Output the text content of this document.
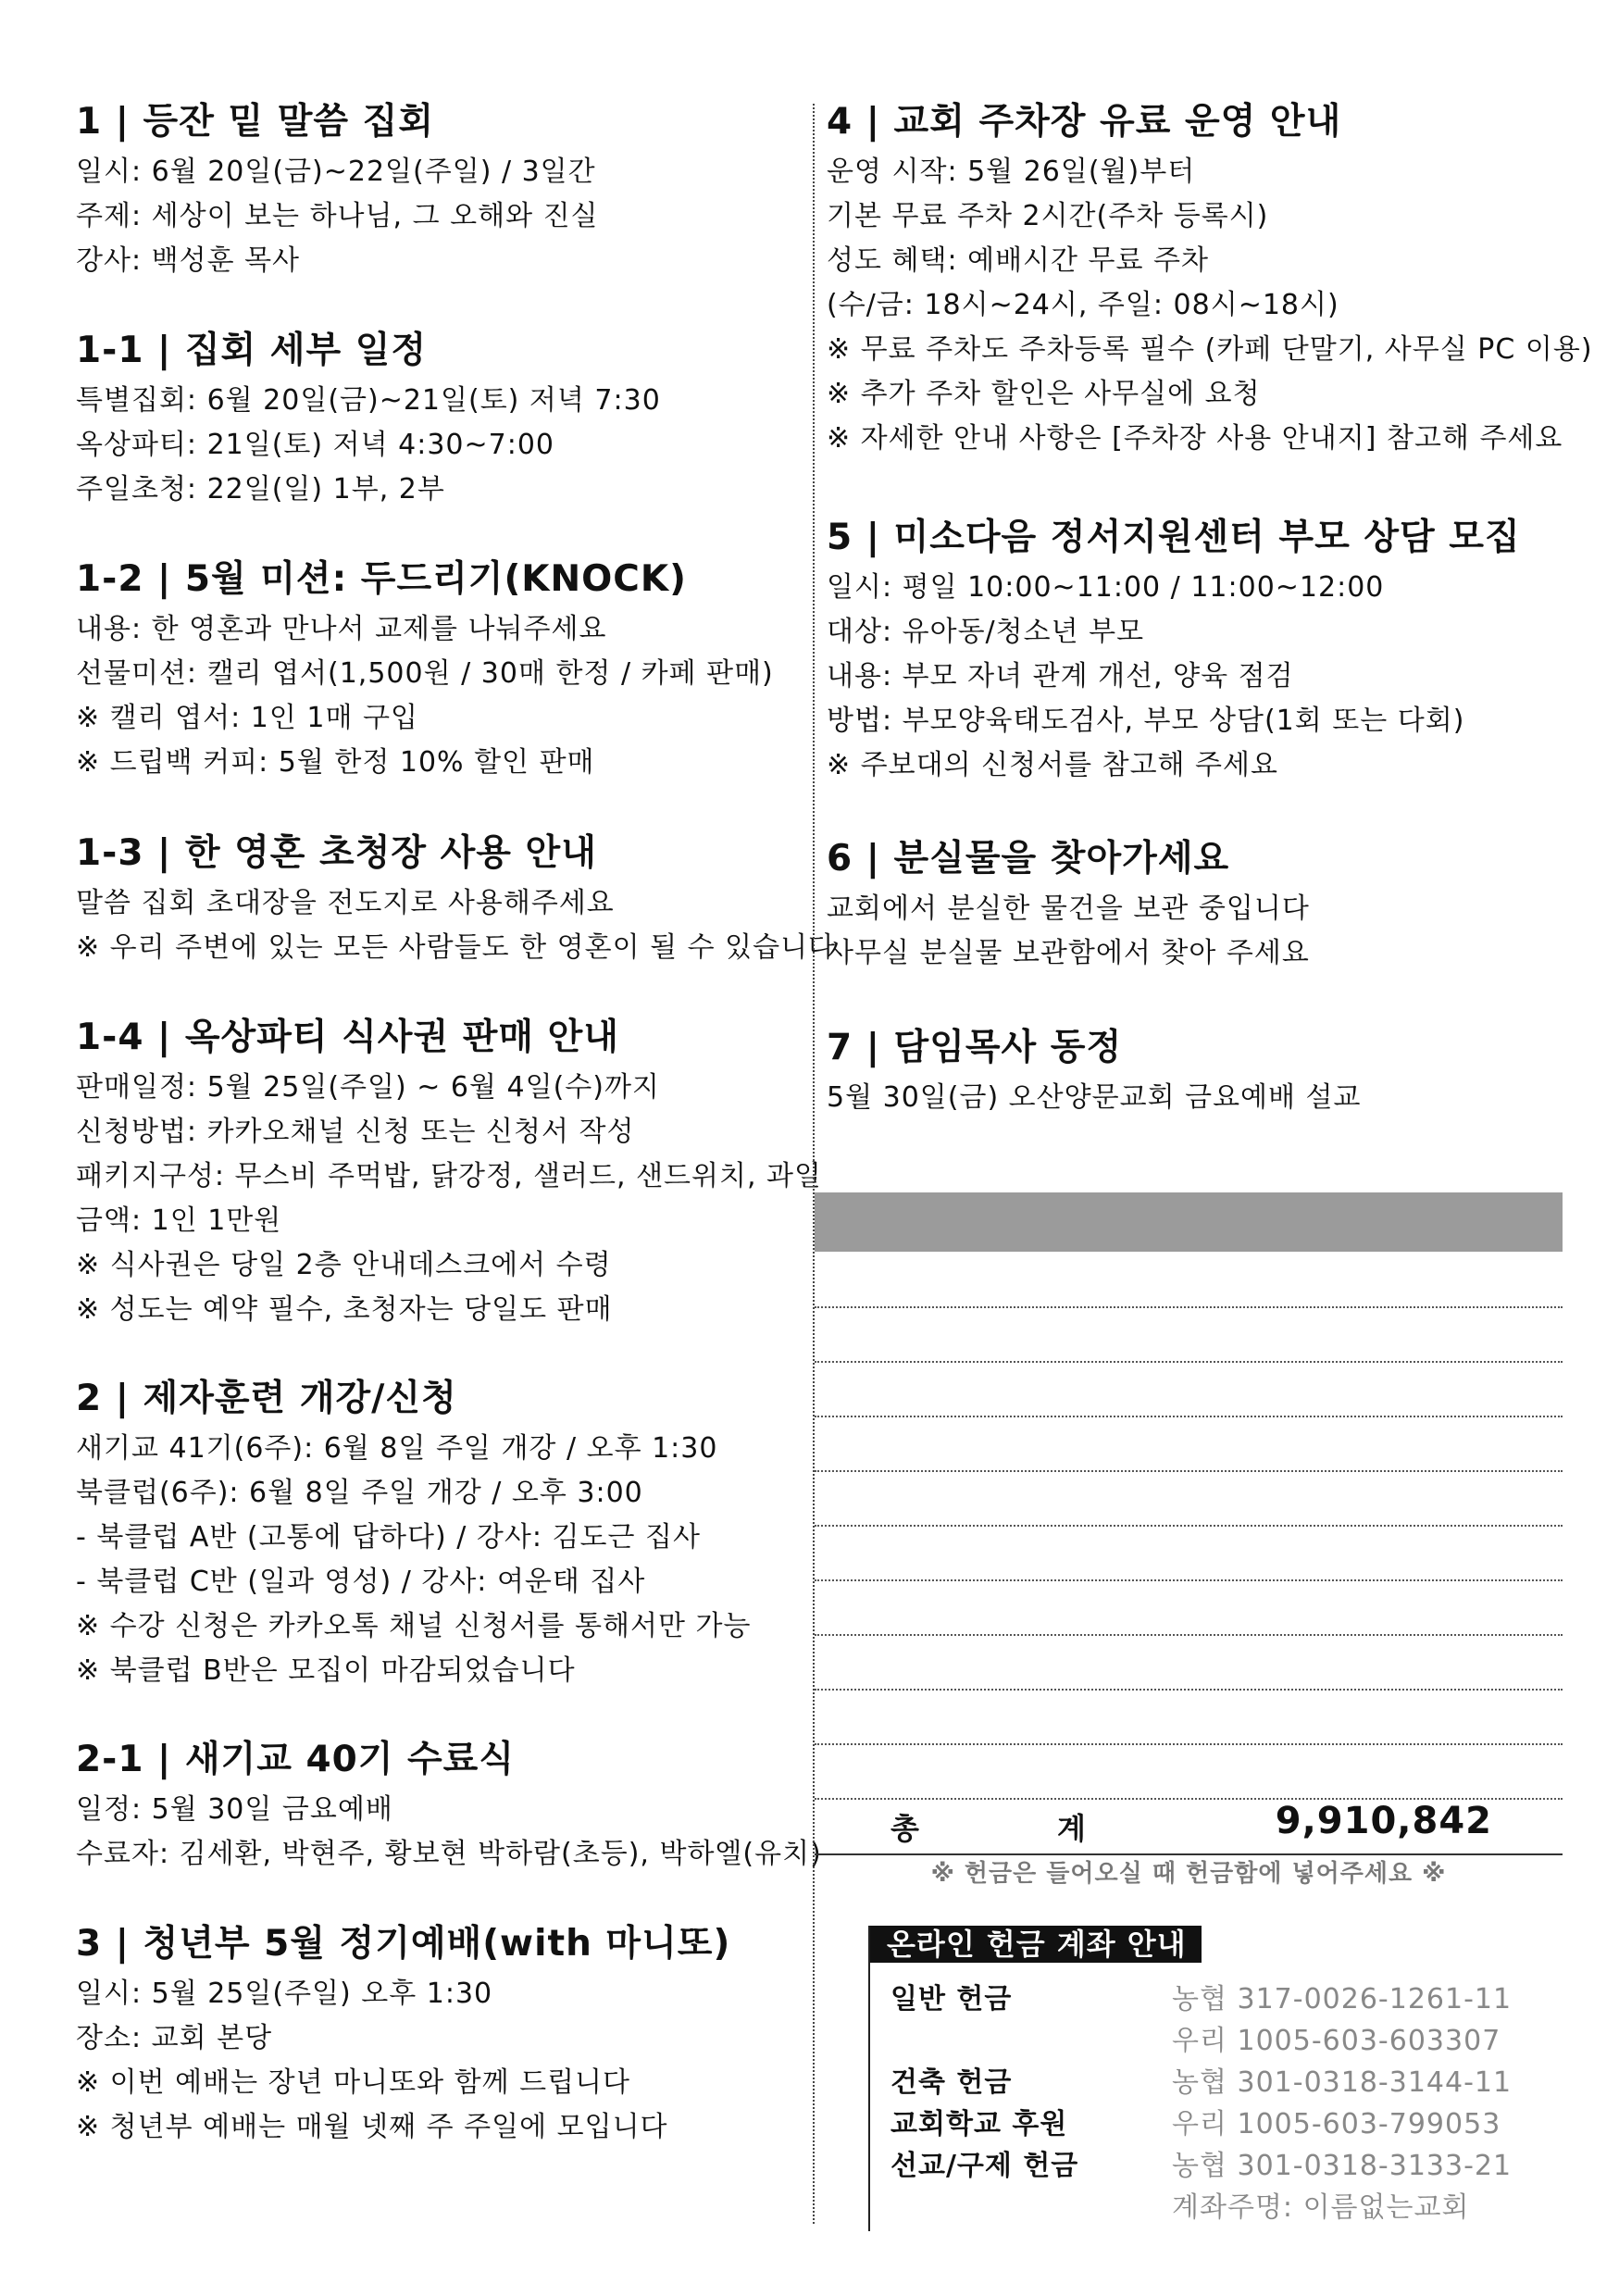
1 | 등잔 밑 말씀 집회
일시: 6월 20일(금)~22일(주일) / 3일간
주제: 세상이 보는 하나님, 그 오해와 진실
강사: 백성훈 목사
1-1 | 집회 세부 일정
특별집회: 6월 20일(금)~21일(토) 저녁 7:30
옥상파티: 21일(토) 저녁 4:30~7:00
주일초청: 22일(일) 1부, 2부
1-2 | 5월 미션: 두드리기(KNOCK)
내용: 한 영혼과 만나서 교제를 나눠주세요
선물미션: 캘리 엽서(1,500원 / 30매 한정 / 카페 판매)
※ 캘리 엽서: 1인 1매 구입
※ 드립백 커피: 5월 한정 10% 할인 판매
1-3 | 한 영혼 초청장 사용 안내
말씀 집회 초대장을 전도지로 사용해주세요
※ 우리 주변에 있는 모든 사람들도 한 영혼이 될 수 있습니다
1-4 | 옥상파티 식사권 판매 안내
판매일정: 5월 25일(주일) ~ 6월 4일(수)까지
신청방법: 카카오채널 신청 또는 신청서 작성
패키지구성: 무스비 주먹밥, 닭강정, 샐러드, 샌드위치, 과일
금액: 1인 1만원
※ 식사권은 당일 2층 안내데스크에서 수령
※ 성도는 예약 필수, 초청자는 당일도 판매
2 | 제자훈련 개강/신청
새기교 41기(6주): 6월 8일 주일 개강 / 오후 1:30
북클럽(6주): 6월 8일 주일 개강 / 오후 3:00
- 북클럽 A반 (고통에 답하다) / 강사: 김도근 집사
- 북클럽 C반 (일과 영성) / 강사: 여운태 집사
※ 수강 신청은 카카오톡 채널 신청서를 통해서만 가능
※ 북클럽 B반은 모집이 마감되었습니다
2-1 | 새기교 40기 수료식
일정: 5월 30일 금요예배
수료자: 김세환, 박현주, 황보현 박하람(초등), 박하엘(유치)
3 | 청년부 5월 정기예배(with 마니또)
일시: 5월 25일(주일) 오후 1:30
장소: 교회 본당
※ 이번 예배는 장년 마니또와 함께 드립니다
※ 청년부 예배는 매월 넷째 주 주일에 모입니다
4 | 교회 주차장 유료 운영 안내
운영 시작: 5월 26일(월)부터
기본 무료 주차 2시간(주차 등록시)
성도 혜택: 예배시간 무료 주차
(수/금: 18시~24시, 주일: 08시~18시)
※ 무료 주차도 주차등록 필수 (카페 단말기, 사무실 PC 이용)
※ 추가 주차 할인은 사무실에 요청
※ 자세한 안내 사항은 [주차장 사용 안내지] 참고해 주세요
5 | 미소다음 정서지원센터 부모 상담 모집
일시: 평일 10:00~11:00 / 11:00~12:00
대상: 유아동/청소년 부모
내용: 부모 자녀 관계 개선, 양육 점검
방법: 부모양육태도검사, 부모 상담(1회 또는 다회)
※ 주보대의 신청서를 참고해 주세요
6 | 분실물을 찾아가세요
교회에서 분실한 물건을 보관 중입니다
사무실 분실물 보관함에서 찾아 주세요
7 | 담임목사 동정
5월 30일(금) 오산양문교회 금요예배 설교
총	계	9,910,842
※ 헌금은 들어오실 때 헌금함에 넣어주세요 ※
온라인 헌금 계좌 안내
일반 헌금	농협 317-0026-1261-11
우리 1005-603-603307
건축 헌금	농협 301-0318-3144-11
교회학교 후원	우리 1005-603-799053
선교/구제 헌금	농협 301-0318-3133-21
계좌주명: 이름없는교회
